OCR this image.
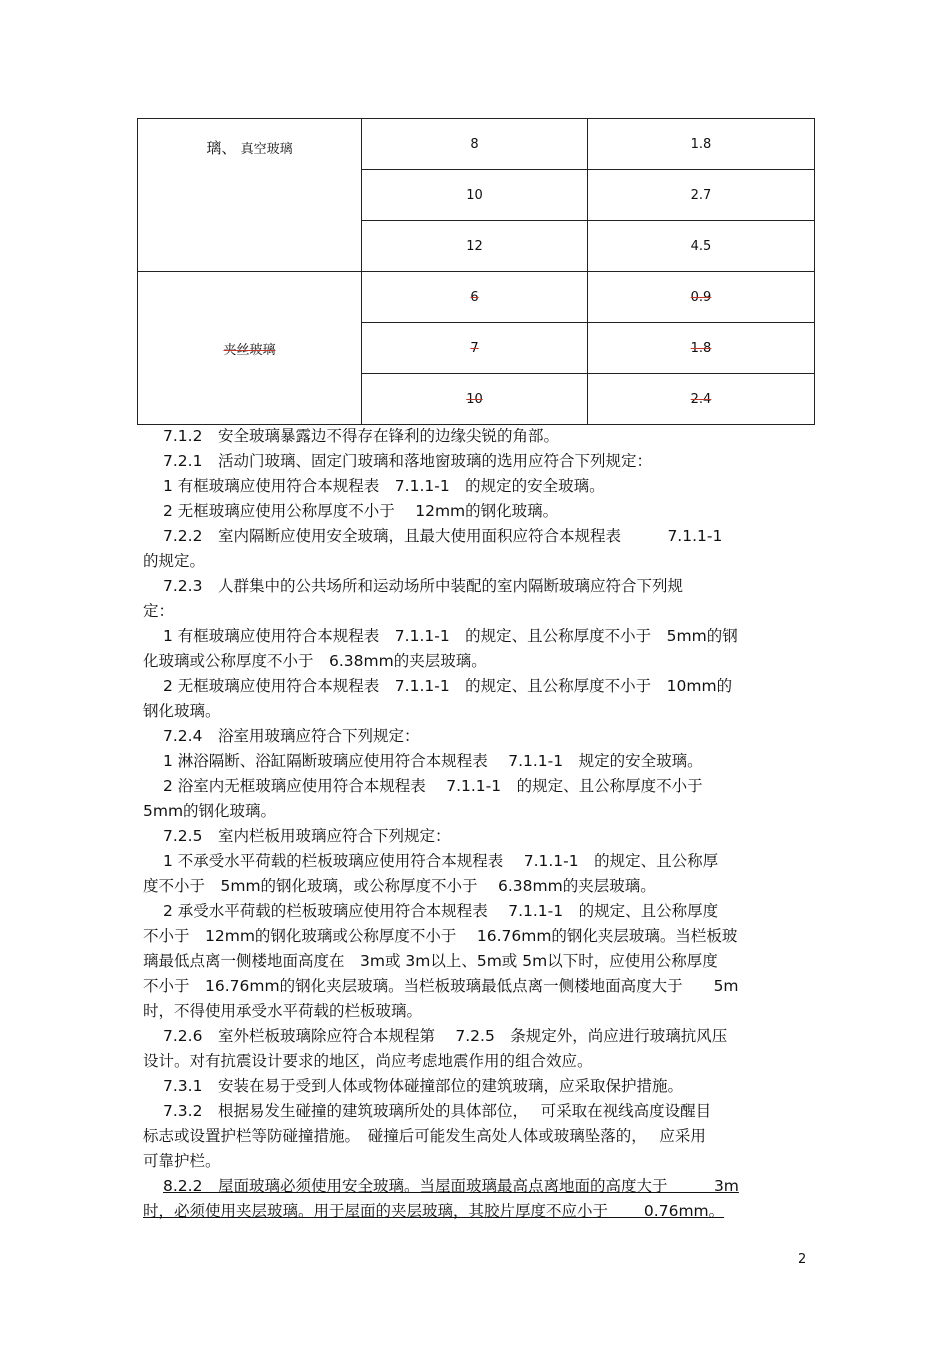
璃、 真空玻璃	8	1.8
	10	2.7
	12	4.5
夹丝玻璃	6	0.9
	7	1.8
	10	2.4
7.1.2　安全玻璃暴露边不得存在锋利的边缘尖锐的角部。
7.2.1　活动门玻璃、固定门玻璃和落地窗玻璃的选用应符合下列规定：
1 有框玻璃应使用符合本规程表　7.1.1-1　的规定的安全玻璃。
2 无框玻璃应使用公称厚度不小于　 12mm的钢化玻璃。
7.2.2　室内隔断应使用安全玻璃，且最大使用面积应符合本规程表　　　7.1.1-1
的规定。
7.2.3　人群集中的公共场所和运动场所中装配的室内隔断玻璃应符合下列规
定：
1 有框玻璃应使用符合本规程表　7.1.1-1　的规定、且公称厚度不小于　5mm的钢
化玻璃或公称厚度不小于　6.38mm的夹层玻璃。
2 无框玻璃应使用符合本规程表　7.1.1-1　的规定、且公称厚度不小于　10mm的
钢化玻璃。
7.2.4　浴室用玻璃应符合下列规定：
1 淋浴隔断、浴缸隔断玻璃应使用符合本规程表　 7.1.1-1　规定的安全玻璃。
2 浴室内无框玻璃应使用符合本规程表　 7.1.1-1　的规定、且公称厚度不小于
5mm的钢化玻璃。
7.2.5　室内栏板用玻璃应符合下列规定：
1 不承受水平荷载的栏板玻璃应使用符合本规程表　 7.1.1-1　的规定、且公称厚
度不小于　5mm的钢化玻璃，或公称厚度不小于　 6.38mm的夹层玻璃。
2 承受水平荷载的栏板玻璃应使用符合本规程表　 7.1.1-1　的规定、且公称厚度
不小于　12mm的钢化玻璃或公称厚度不小于　 16.76mm的钢化夹层玻璃。当栏板玻
璃最低点离一侧楼地面高度在　3m或 3m以上、5m或 5m以下时，应使用公称厚度
不小于　16.76mm的钢化夹层玻璃。当栏板玻璃最低点离一侧楼地面高度大于　　5m
时，不得使用承受水平荷载的栏板玻璃。
7.2.6　室外栏板玻璃除应符合本规程第　 7.2.5　条规定外，尚应进行玻璃抗风压
设计。对有抗震设计要求的地区，尚应考虑地震作用的组合效应。
7.3.1　安装在易于受到人体或物体碰撞部位的建筑玻璃，应采取保护措施。
7.3.2　根据易发生碰撞的建筑玻璃所处的具体部位，　 可采取在视线高度设醒目
标志或设置护栏等防碰撞措施。　碰撞后可能发生高处人体或玻璃坠落的，　 应采用
可靠护栏。
8.2.2　屋面玻璃必须使用安全玻璃。当屋面玻璃最高点离地面的高度大于　　　3m
时，必须使用夹层玻璃。用于屋面的夹层玻璃，其胶片厚度不应小于　　 0.76mm。
2
